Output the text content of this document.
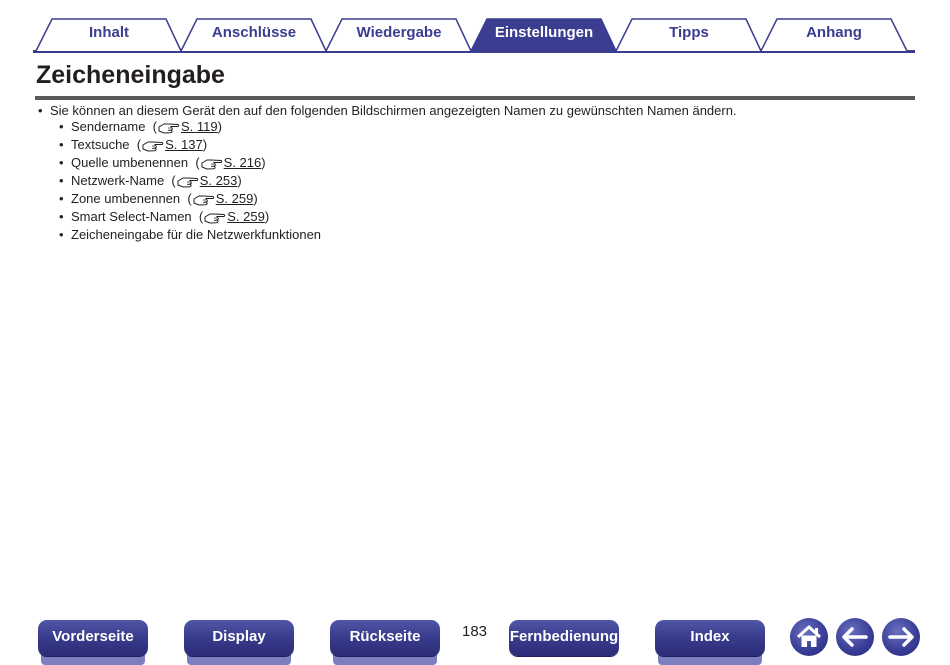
Inhalt	Anschlüsse	Wiedergabe	Einstellungen	Tipps	Anhang
Zeicheneingabe
• Sie können an diesem Gerät den auf den folgenden Bildschirmen angezeigten Namen zu gewünschten Namen ändern.
• Sendername  ( S. 119)
• Textsuche  ( S. 137)
• Quelle umbenennen  ( S. 216)
• Netzwerk-Name  ( S. 253)
• Zone umbenennen  ( S. 259)
• Smart Select-Namen  ( S. 259)
• Zeicheneingabe für die Netzwerkfunktionen
Vorderseite	Display	Rückseite	183 Fernbedienung	Index
